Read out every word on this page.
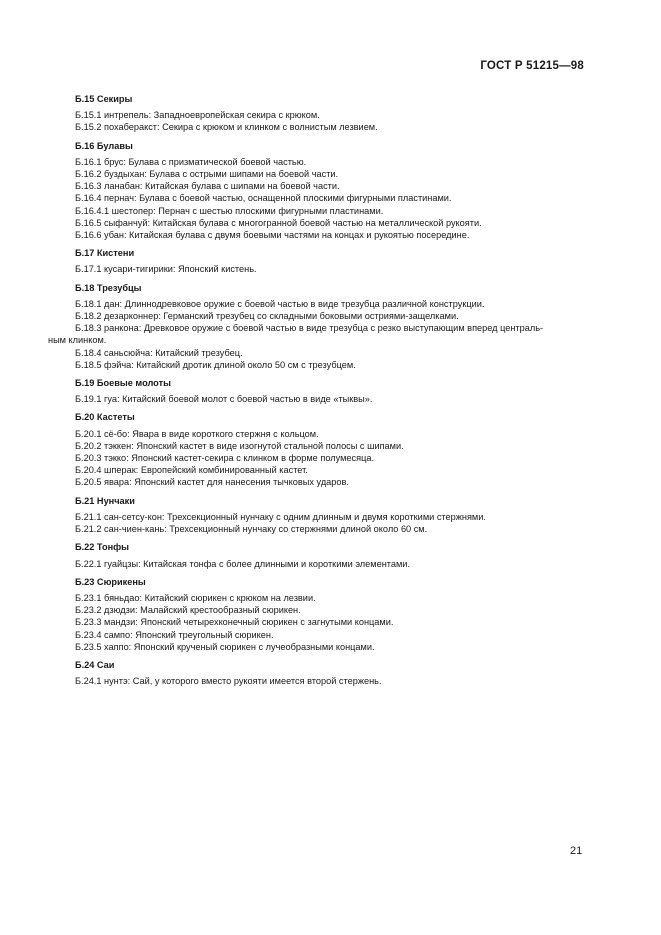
ГОСТ Р 51215—98
Б.15 Секиры
Б.15.1 интрепель: Западноевропейская секира с крюком.
Б.15.2 похаберакст: Секира с крюком и клинком с волнистым лезвием.
Б.16 Булавы
Б.16.1 брус: Булава с призматической боевой частью.
Б.16.2 буздыхан: Булава с острыми шипами на боевой части.
Б.16.3 ланабан: Китайская булава с шипами на боевой части.
Б.16.4 пернач: Булава с боевой частью, оснащенной плоскими фигурными пластинами.
Б.16.4.1 шестопер: Пернач с шестью плоскими фигурными пластинами.
Б.16.5 сыфанчуй: Китайская булава с многогранной боевой частью на металлической рукояти.
Б.16.6 убан: Китайская булава с двумя боевыми частями на концах и рукоятью посередине.
Б.17 Кистени
Б.17.1 кусари-тигирики: Японский кистень.
Б.18 Трезубцы
Б.18.1 дан: Длиннодревковое оружие с боевой частью в виде трезубца различной конструкции.
Б.18.2 дезарконнер: Германский трезубец со складными боковыми остриями-защелками.
Б.18.3 ранкона: Древковое оружие с боевой частью в виде трезубца с резко выступающим вперед централь-
ным клинком.
Б.18.4 саньсюйча: Китайский трезубец.
Б.18.5 фэйча: Китайский дротик длиной около 50 см с трезубцем.
Б.19 Боевые молоты
Б.19.1 гуа: Китайский боевой молот с боевой частью в виде «тыквы».
Б.20 Кастеты
Б.20.1 сё-бо: Явара в виде короткого стержня с кольцом.
Б.20.2 тэккен: Японский кастет в виде изогнутой стальной полосы с шипами.
Б.20.3 тэкко: Японский кастет-секира с клинком в форме полумесяца.
Б.20.4 шперак: Европейский комбинированный кастет.
Б.20.5 явара: Японский кастет для нанесения тычковых ударов.
Б.21 Нунчаки
Б.21.1 сан-сетсу-кон: Трехсекционный нунчаку с одним длинным и двумя короткими стержнями.
Б.21.2 сан-чиен-кань: Трехсекционный нунчаку со стержнями длиной около 60 см.
Б.22 Тонфы
Б.22.1 гуайцзы: Китайская тонфа с более длинными и короткими элементами.
Б.23 Сюрикены
Б.23.1 бяньдао: Китайский сюрикен с крюком на лезвии.
Б.23.2 дзюдзи: Малайский крестообразный сюрикен.
Б.23.3 мандзи: Японский четырехконечный сюрикен с загнутыми концами.
Б.23.4 сампо: Японский треугольный сюрикен.
Б.23.5 хаппо: Японский крученый сюрикен с лучеобразными концами.
Б.24 Саи
Б.24.1 нунтэ: Сай, у которого вместо рукояти имеется второй стержень.
21
